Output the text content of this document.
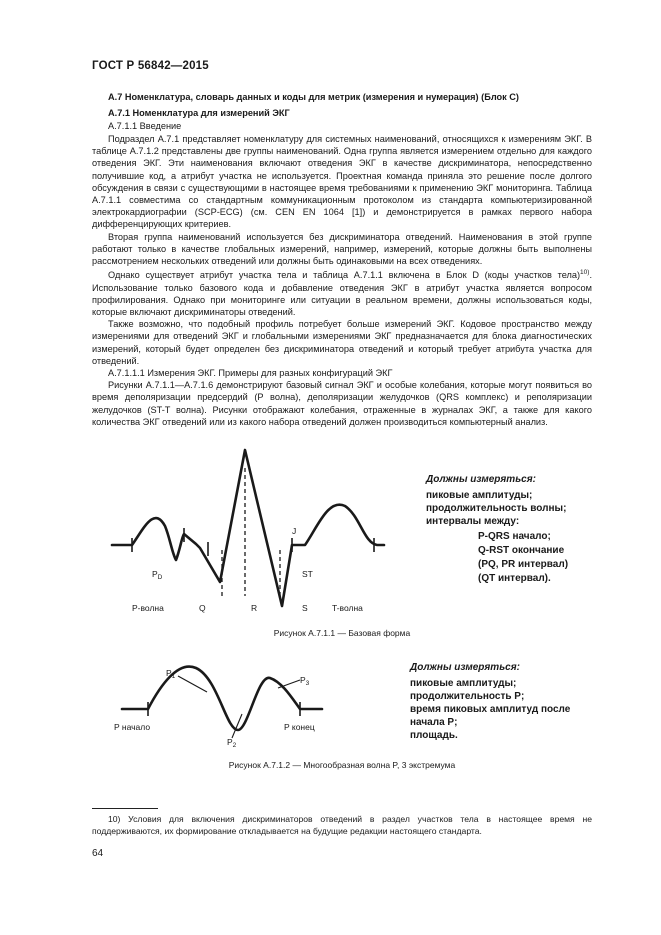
ГОСТ Р 56842—2015
А.7 Номенклатура, словарь данных и коды для метрик (измерения и нумерация) (Блок С)
А.7.1 Номенклатура для измерений ЭКГ
А.7.1.1 Введение

Подраздел А.7.1 представляет номенклатуру для системных наименований, относящихся к измерениям ЭКГ. В таблице А.7.1.2 представлены две группы наименований. Одна группа является измерением отдельно для каждого отведения ЭКГ. Эти наименования включают отведения ЭКГ в качестве дискриминатора, непосредственно получившие код, а атрибут участка не используется. Проектная команда приняла это решение после долгого обсуждения в связи с существующими в настоящее время требованиями к применению ЭКГ мониторинга. Таблица А.7.1.1 совместима со стандартным коммуникационным протоколом из стандарта компьютеризированной электрокардиографии (SCP-ECG) (см. CEN EN 1064 [1]) и демонстрируется в рамках первого набора дифференцирующих критериев.

Вторая группа наименований используется без дискриминатора отведений. Наименования в этой группе работают только в качестве глобальных измерений, например, измерений, которые должны быть выполнены рассмотрением нескольких отведений или должны быть одинаковыми на всех отведениях.

Однако существует атрибут участка тела и таблица А.7.1.1 включена в Блок D (коды участков тела)$^{10)}$. Использование только базового кода и добавление отведения ЭКГ в атрибут участка является вопросом профилирования. Однако при мониторинге или ситуации в реальном времени, должны использоваться коды, которые включают дискриминаторы отведений.

Также возможно, что подобный профиль потребует больше измерений ЭКГ. Кодовое пространство между измерениями для отведений ЭКГ и глобальными измерениями ЭКГ предназначается для блока диагностических измерений, который будет определен без дискриминатора отведений и который требует атрибута участка для отведений.

А.7.1.1.1 Измерения ЭКГ. Примеры для разных конфигураций ЭКГ

Рисунки А.7.1.1—А.7.1.6 демонстрируют базовый сигнал ЭКГ и особые колебания, которые могут появиться во время деполяризации предсердий (Р волна), деполяризации желудочков (QRS комплекс) и реполяризации желудочков (ST-T волна). Рисунки отображают колебания, отраженные в журналах ЭКГ, а также для какого количества ЭКГ отведений или из какого набора отведений должен производиться компьютерный анализ.

$P_D$
P-волна	Q	R	S
J
ST
T-волна
Должны измеряться:
пиковые амплитуды;
продолжительность волны;
интервалы между:
P-QRS начало;
Q-RST окончание
(PQ, PR интервал)
(QT интервал).
Рисунок А.7.1.1 — Базовая форма
$P_1$
$P_2$
$P_3$
P начало	P конец
Должны измеряться:
пиковые амплитуды;
продолжительность P;
время пиковых амплитуд после
начала P;
площадь.
Рисунок А.7.1.2 — Многообразная волна P, 3 экстремума
10) Условия для включения дискриминаторов отведений в раздел участков тела в настоящее время не поддерживаются, их формирование откладывается на будущие редакции настоящего стандарта.
64
